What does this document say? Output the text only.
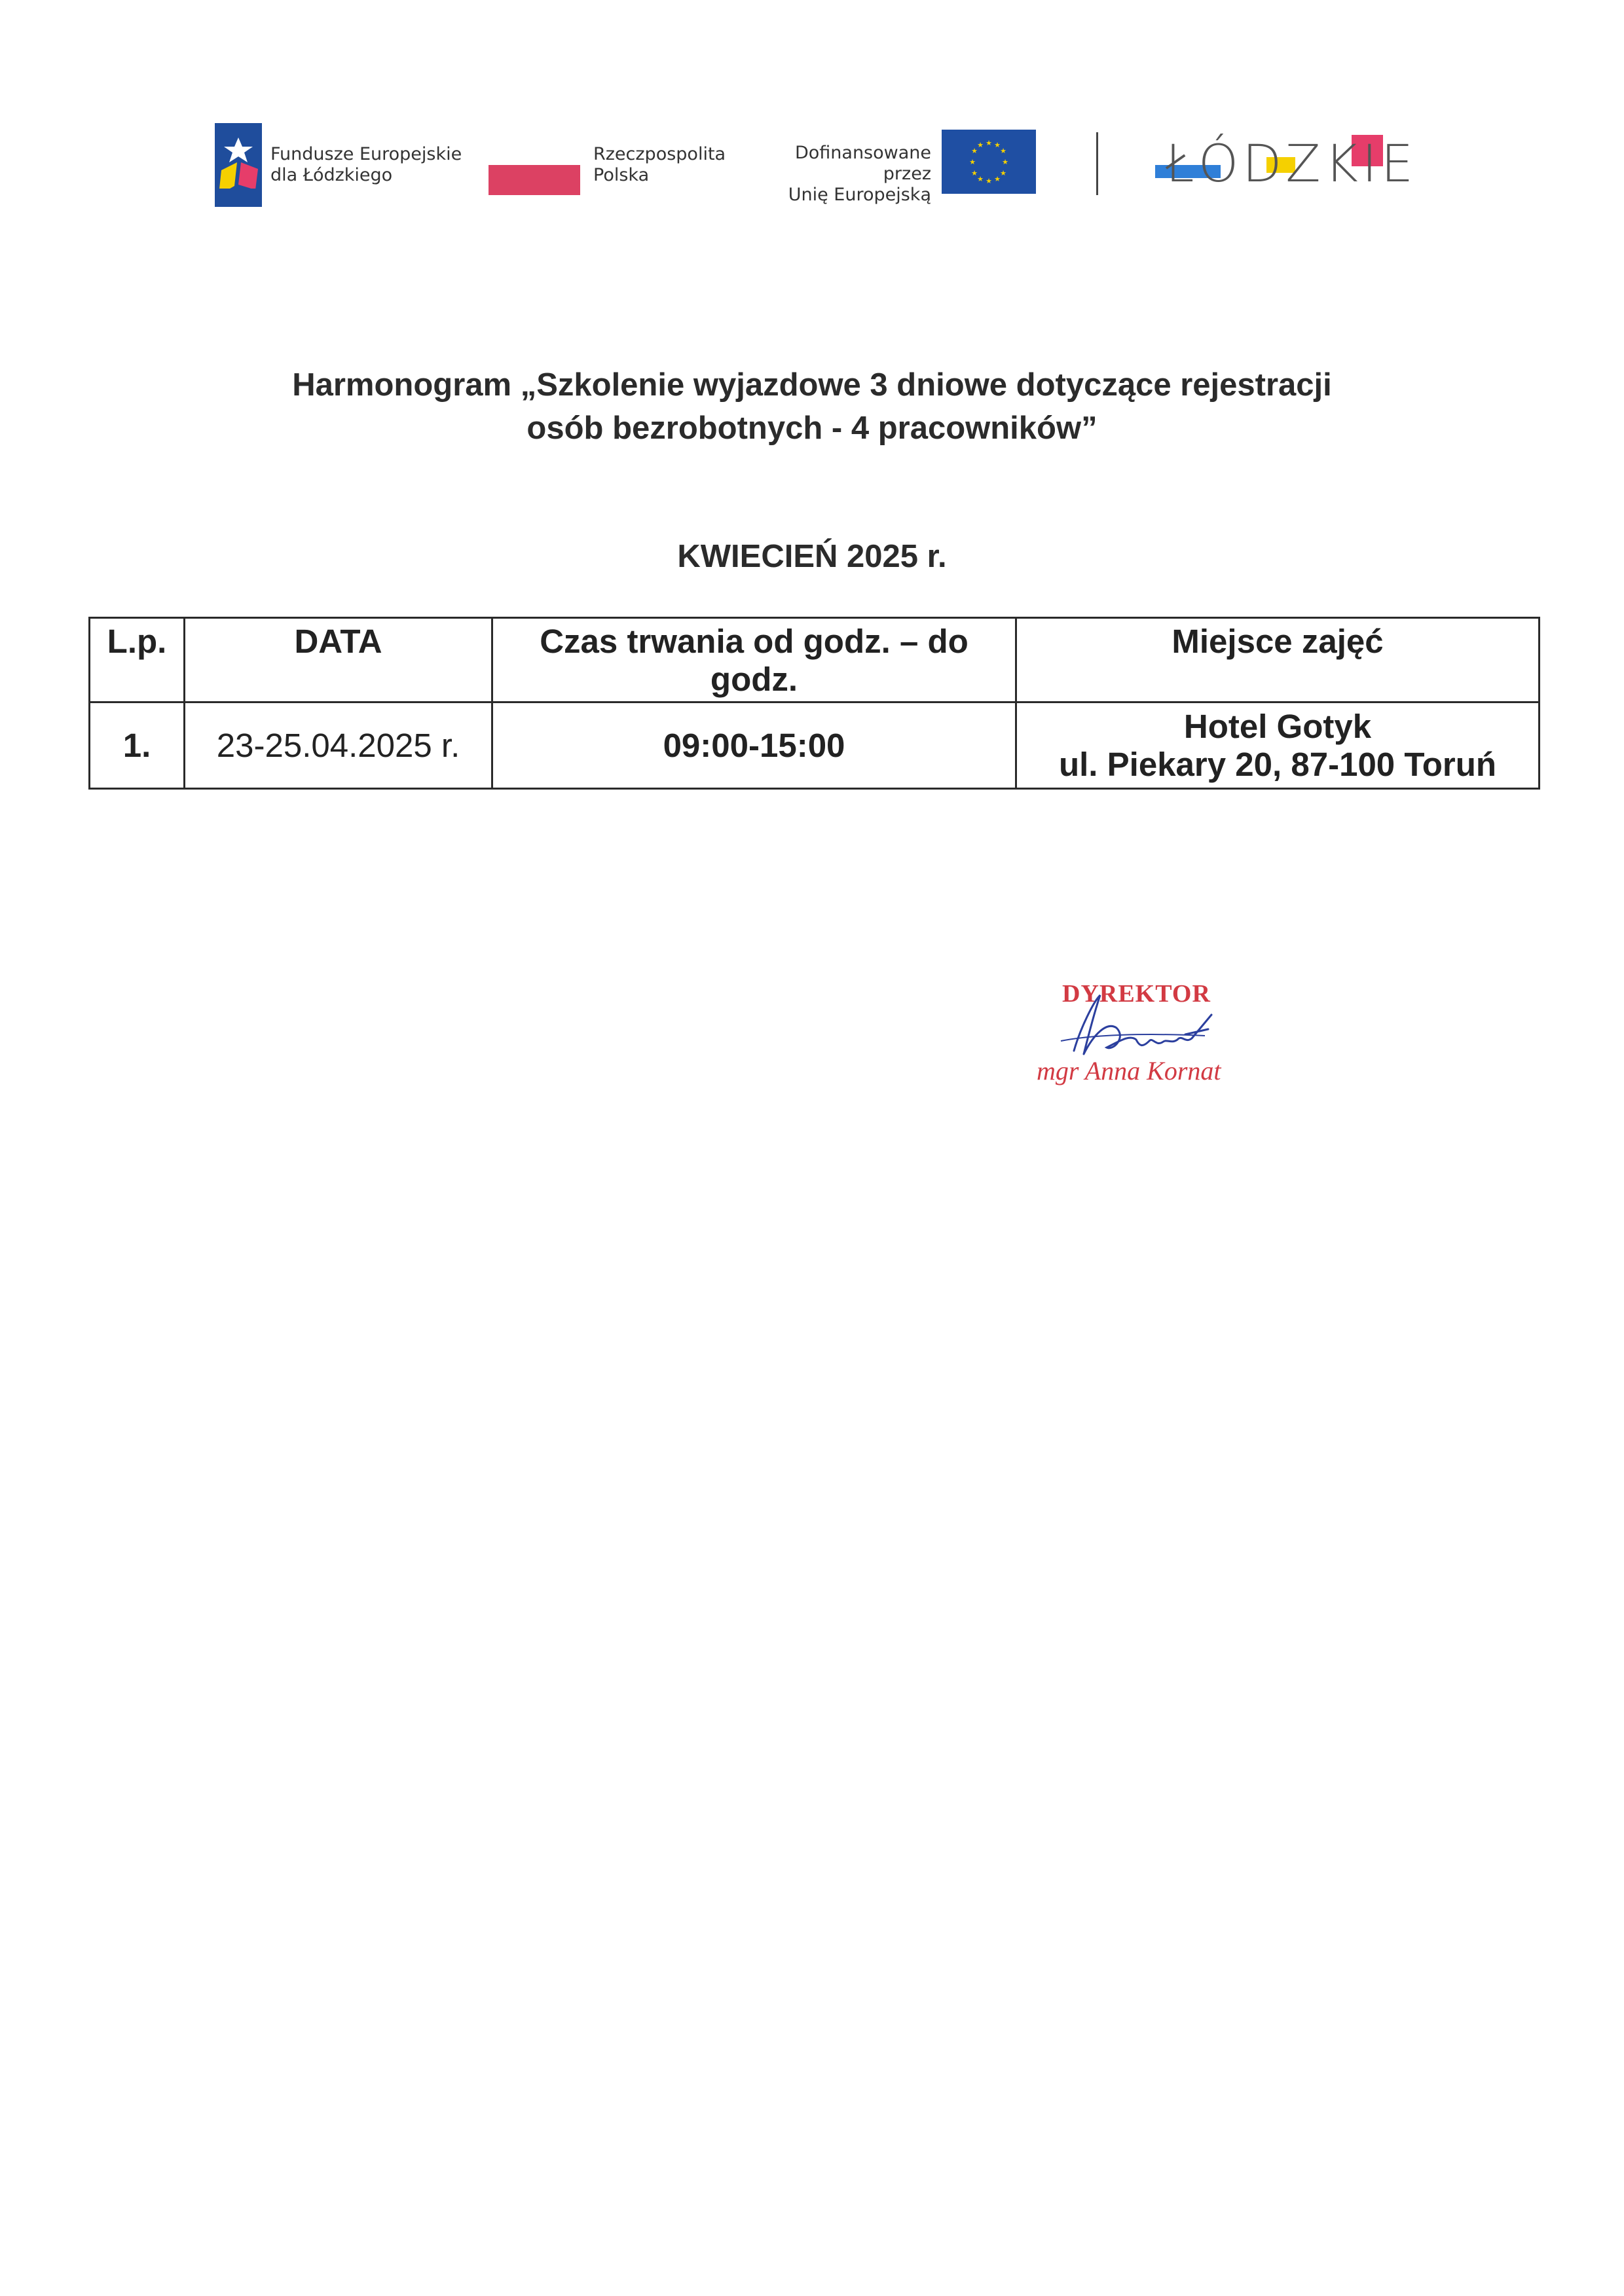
Fundusze Europejskie
dla Łódzkiego
Rzeczpospolita
Polska
Dofinansowane przez
Unię Europejską
★ ★
★
★
★
★
★
★
★
★
★
★	ŁÓDZKIE
Harmonogram „Szkolenie wyjazdowe 3 dniowe dotyczące rejestracji
osób bezrobotnych - 4 pracowników”
KWIECIEŃ 2025 r.
L.p.	DATA	Czas trwania od godz. – do godz.	Miejsce zajęć
1.	23-25.04.2025 r.	09:00-15:00	Hotel Gotyk
ul. Piekary 20, 87-100 Toruń
DYREKTOR
mgr Anna Kornat
